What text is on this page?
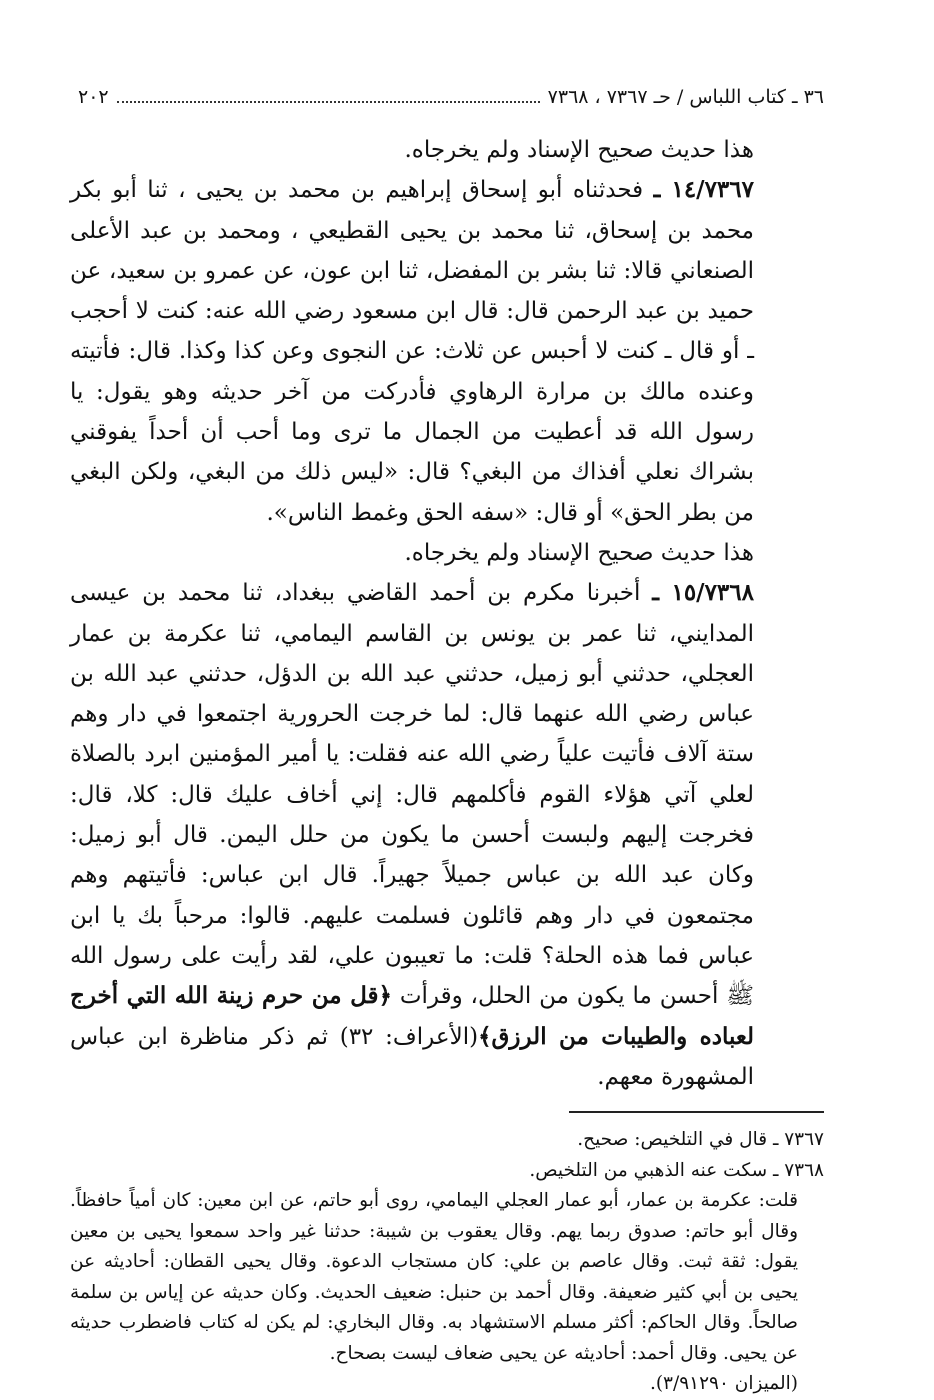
٢٠٢	٣٦ ـ كتاب اللباس / حـ ٧٣٦٧ ، ٧٣٦٨

هذا حديث صحيح الإسناد ولم يخرجاه.

١٤/٧٣٦٧ ـ فحدثناه أبو إسحاق إبراهيم بن محمد بن يحيى ، ثنا أبو بكر محمد بن إسحاق، ثنا محمد بن يحيى القطيعي ، ومحمد بن عبد الأعلى الصنعاني قالا: ثنا بشر بن المفضل، ثنا ابن عون، عن عمرو بن سعيد، عن حميد بن عبد الرحمن قال: قال ابن مسعود رضي الله عنه: كنت لا أحجب ـ أو قال ـ كنت لا أحبس عن ثلاث: عن النجوى وعن كذا وكذا. قال: فأتيته وعنده مالك بن مرارة الرهاوي فأدركت من آخر حديثه وهو يقول: يا رسول الله قد أعطيت من الجمال ما ترى وما أحب أن أحداً يفوقني بشراك نعلي أفذاك من البغي؟ قال: «ليس ذلك من البغي، ولكن البغي من بطر الحق» أو قال: «سفه الحق وغمط الناس».

هذا حديث صحيح الإسناد ولم يخرجاه.

١٥/٧٣٦٨ ـ أخبرنا مكرم بن أحمد القاضي ببغداد، ثنا محمد بن عيسى المدايني، ثنا عمر بن يونس بن القاسم اليمامي، ثنا عكرمة بن عمار العجلي، حدثني أبو زميل، حدثني عبد الله بن الدؤل، حدثني عبد الله بن عباس رضي الله عنهما قال: لما خرجت الحرورية اجتمعوا في دار وهم ستة آلاف فأتيت علياً رضي الله عنه فقلت: يا أمير المؤمنين ابرد بالصلاة لعلي آتي هؤلاء القوم فأكلمهم قال: إني أخاف عليك قال: كلا، قال: فخرجت إليهم ولبست أحسن ما يكون من حلل اليمن. قال أبو زميل: وكان عبد الله بن عباس جميلاً جهيراً. قال ابن عباس: فأتيتهم وهم مجتمعون في دار وهم قائلون فسلمت عليهم. قالوا: مرحباً بك يا ابن عباس فما هذه الحلة؟ قلت: ما تعيبون علي، لقد رأيت على رسول الله ﷺ أحسن ما يكون من الحلل، وقرأت ﴿قل من حرم زينة الله التي أخرج لعباده والطيبات من الرزق﴾(الأعراف: ٣٢) ثم ذكر مناظرة ابن عباس المشهورة معهم.

٧٣٦٧ ـ قال في التلخيص: صحيح.

٧٣٦٨ ـ سكت عنه الذهبي من التلخيص.

قلت: عكرمة بن عمار، أبو عمار العجلي اليمامي، روى أبو حاتم، عن ابن معين: كان أمياً حافظاً. وقال أبو حاتم: صدوق ربما يهم. وقال يعقوب بن شيبة: حدثنا غير واحد سمعوا يحيى بن معين يقول: ثقة ثبت. وقال عاصم بن علي: كان مستجاب الدعوة. وقال يحيى القطان: أحاديثه عن يحيى بن أبي كثير ضعيفة. وقال أحمد بن حنبل: ضعيف الحديث. وكان حديثه عن إياس بن سلمة صالحاً. وقال الحاكم: أكثر مسلم الاستشهاد به. وقال البخاري: لم يكن له كتاب فاضطرب حديثه عن يحيى. وقال أحمد: أحاديثه عن يحيى ضعاف ليست بصحاح.

(الميزان ٣/٩١٢٩٠).
